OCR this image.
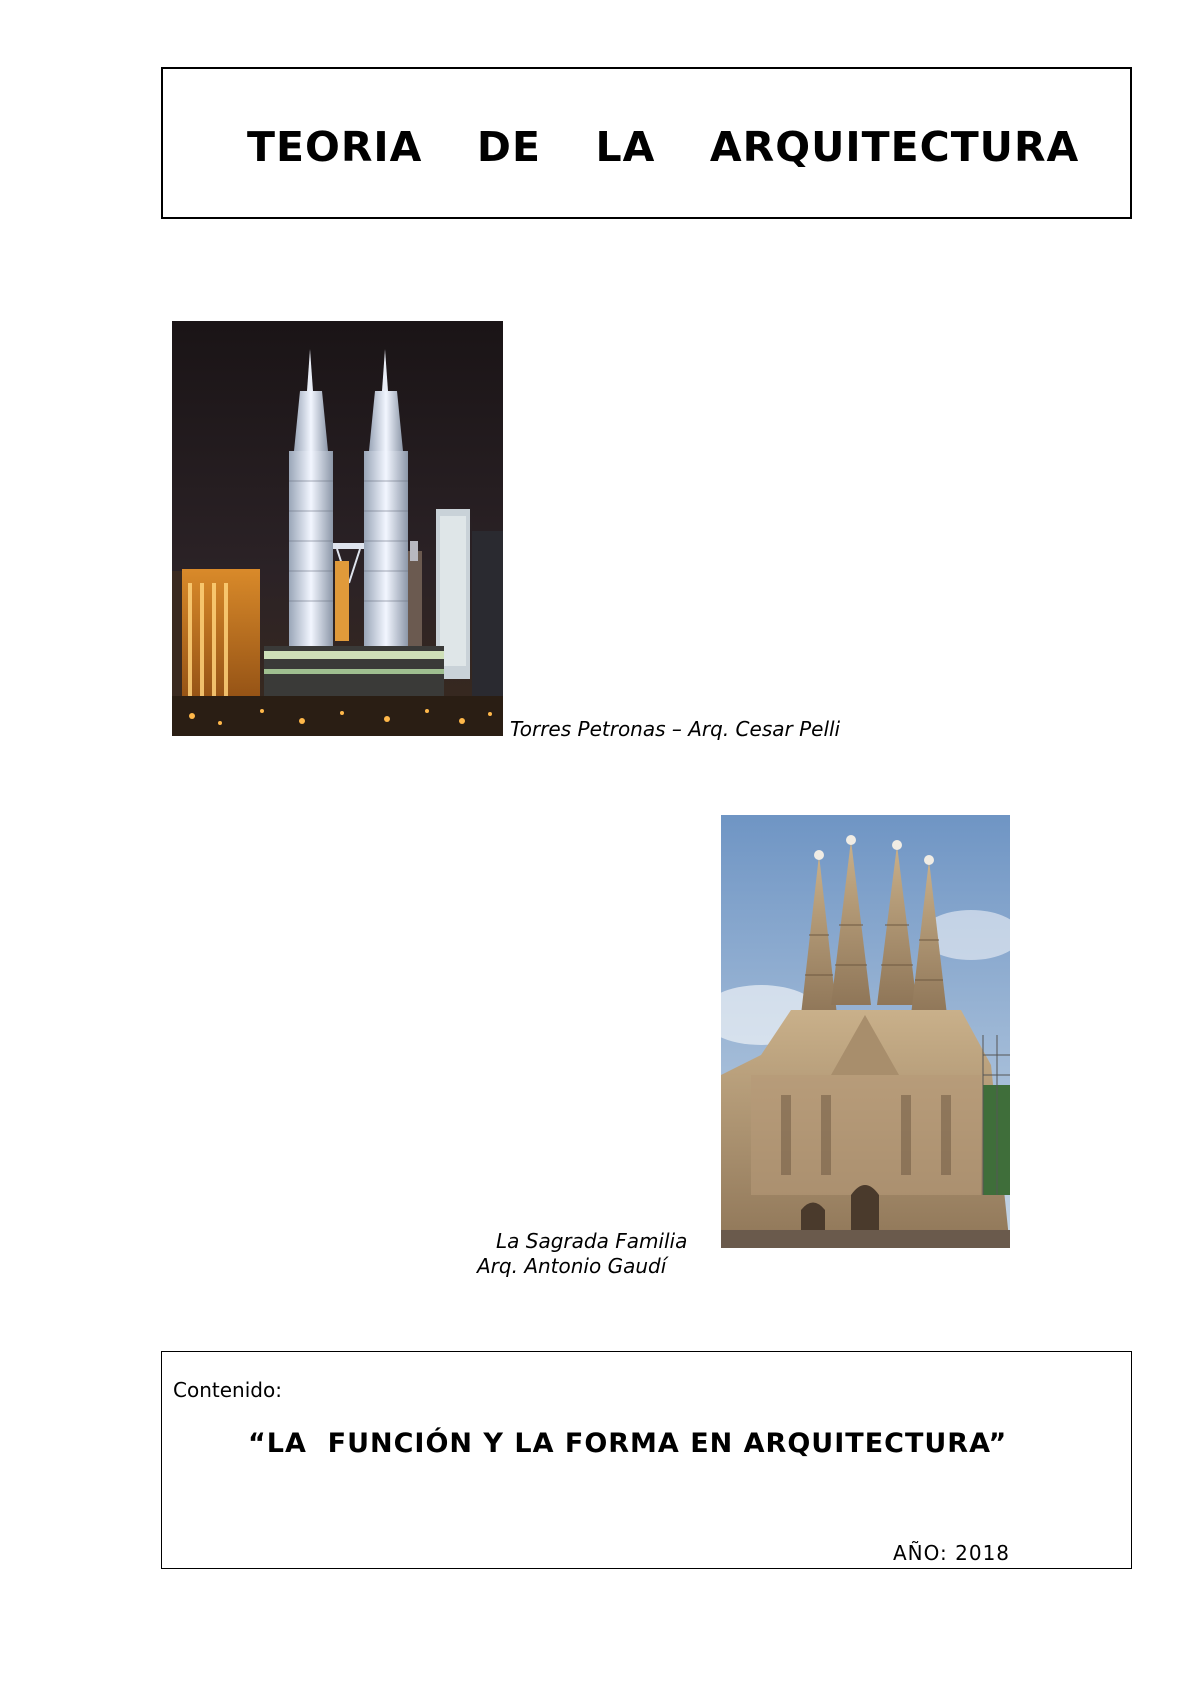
TEORIA  DE  LA  ARQUITECTURA
Torres Petronas – Arq. Cesar Pelli
La Sagrada Familia
Arq. Antonio Gaudí
Contenido:
“LA  FUNCIÓN Y LA FORMA EN ARQUITECTURA”
AÑO: 2018
